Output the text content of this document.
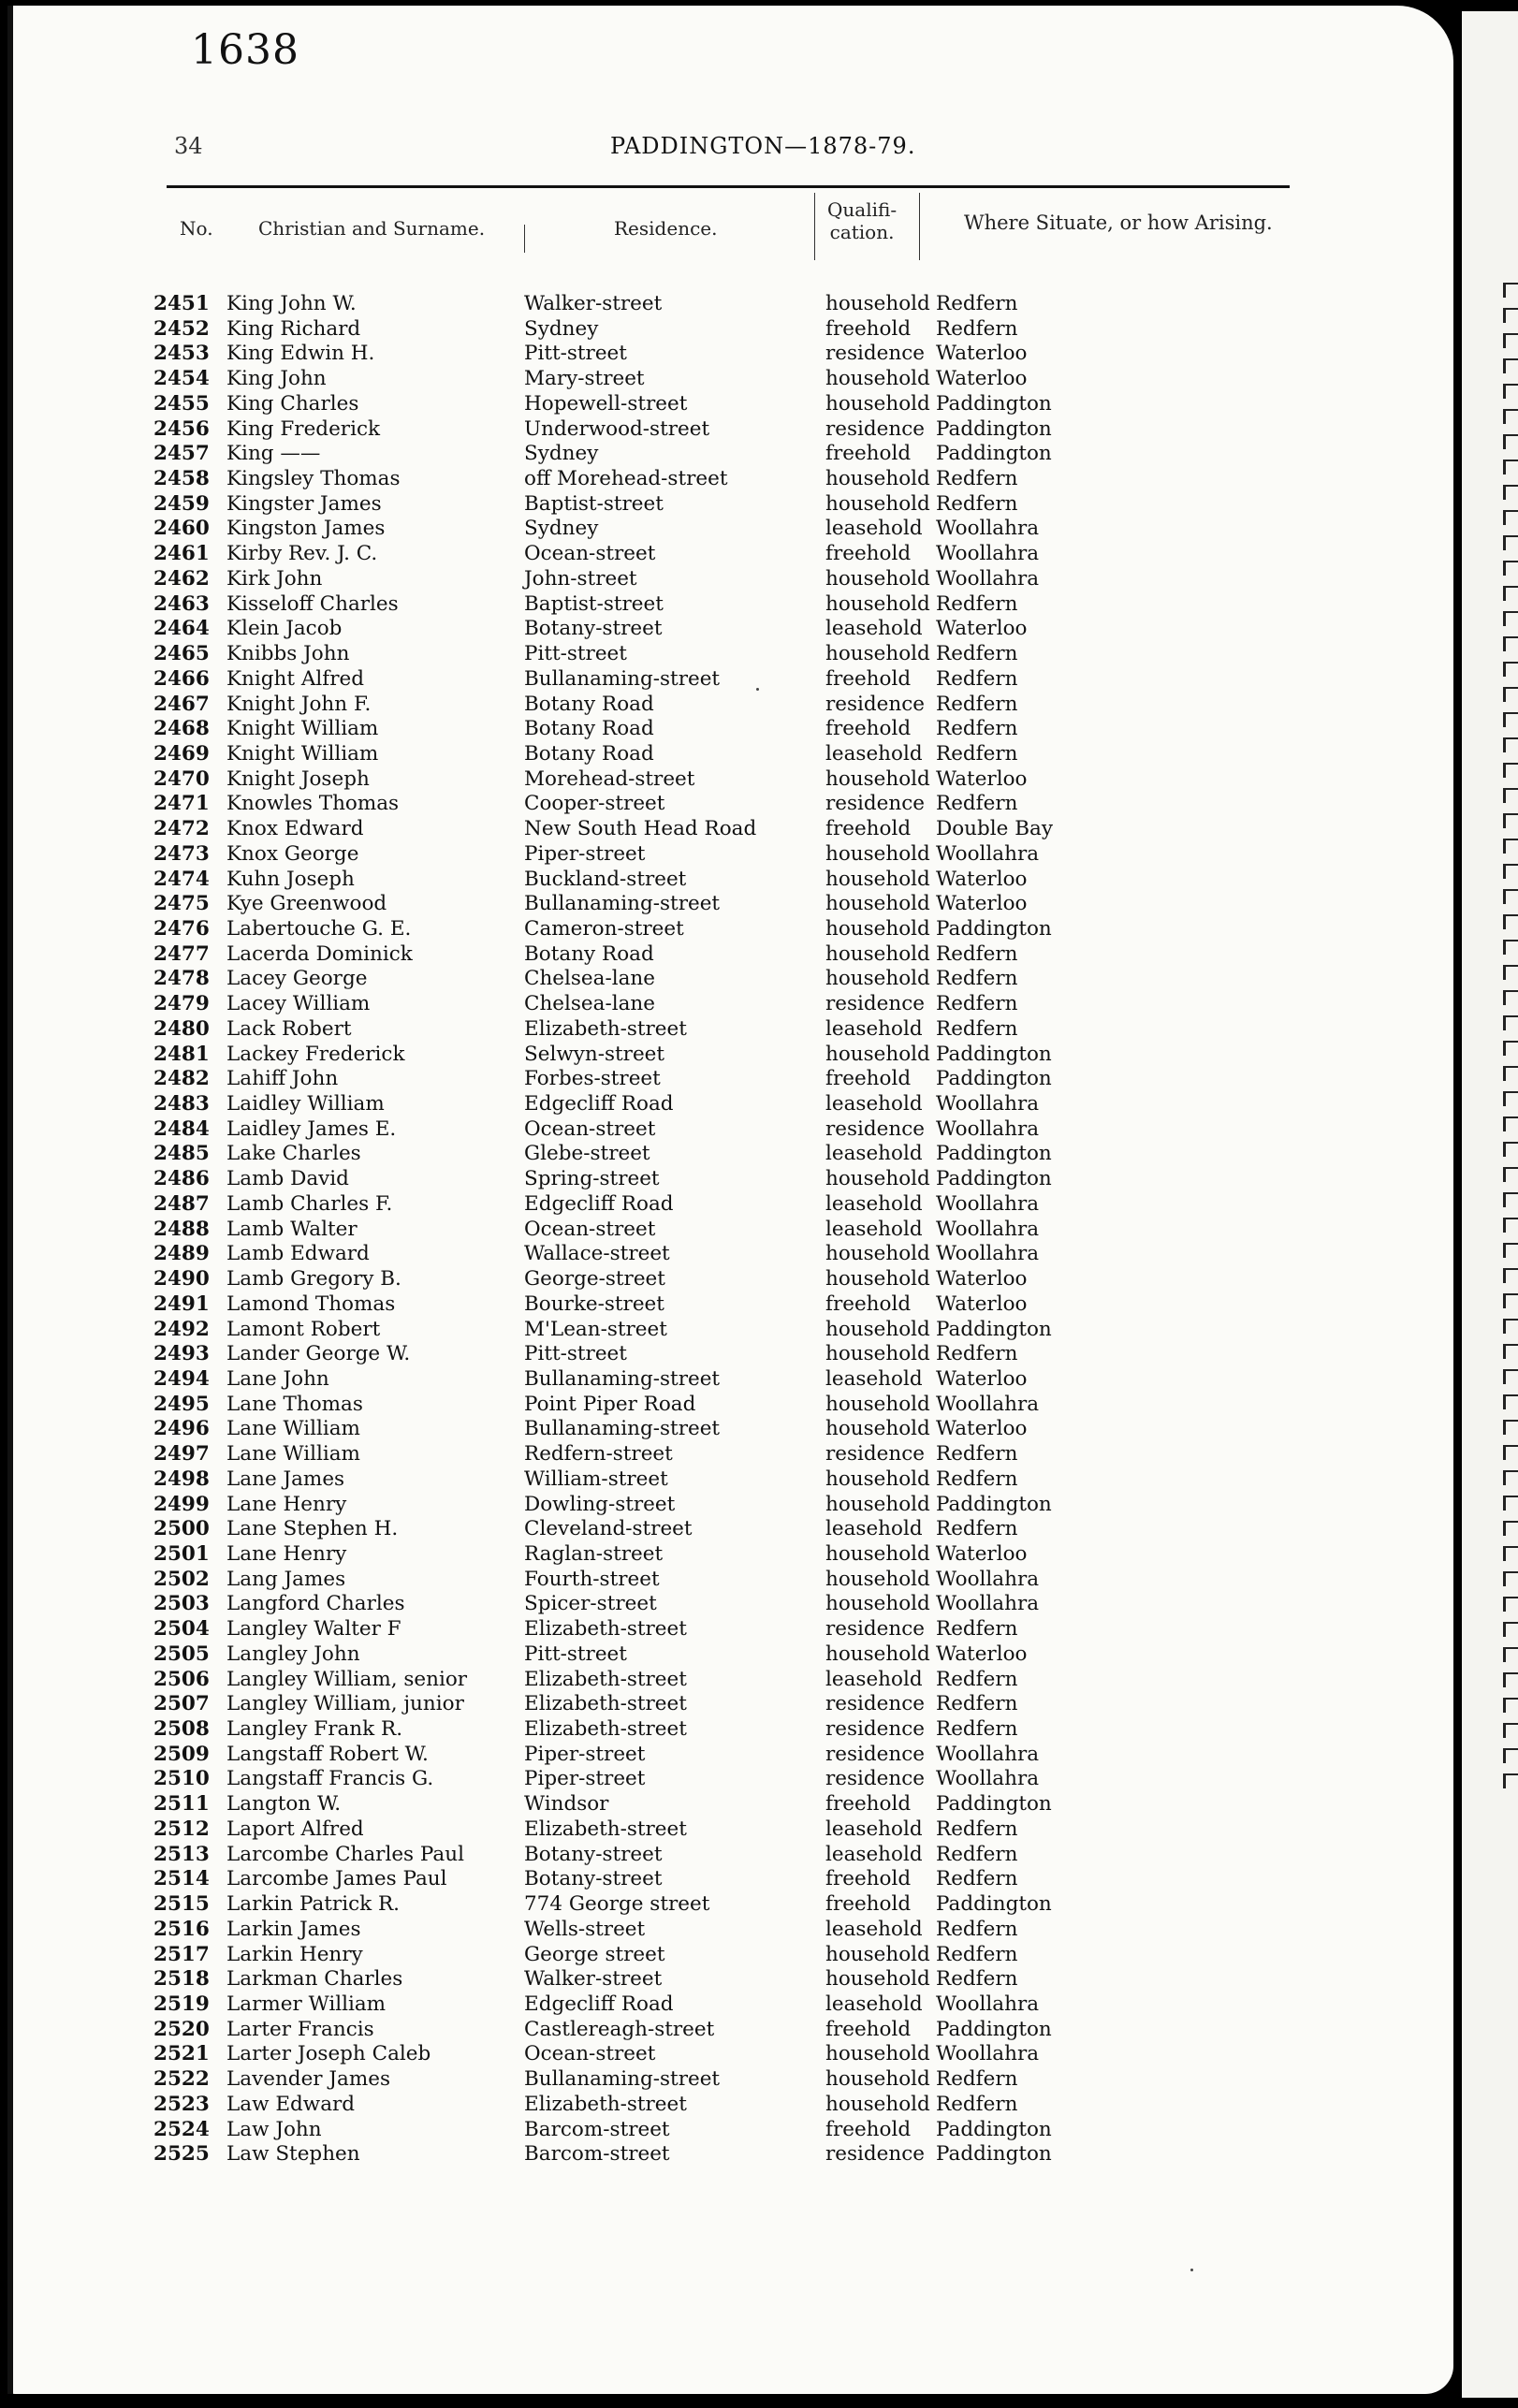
1638
34	PADDINGTON—1878-79.
No. Christian and Surname.	Residence.
Qualifi-
cation.	Where Situate, or how Arising.
2451 King John W.	Walker-street	household Redfern
2452 King Richard	Sydney	freehold Redfern
2453 King Edwin H.	Pitt-street	residence Waterloo
2454 King John	Mary-street	household Waterloo
2455 King Charles	Hopewell-street	household Paddington
2456 King Frederick	Underwood-street	residence Paddington
2457 King ——	Sydney	freehold Paddington
2458 Kingsley Thomas	off Morehead-street	household Redfern
2459 Kingster James	Baptist-street	household Redfern
2460 Kingston James	Sydney	leasehold Woollahra
2461 Kirby Rev. J. C.	Ocean-street	freehold Woollahra
2462 Kirk John	John-street	household Woollahra
2463 Kisseloff Charles	Baptist-street	household Redfern
2464 Klein Jacob	Botany-street	leasehold Waterloo
2465 Knibbs John	Pitt-street	household Redfern
2466 Knight Alfred	Bullanaming-street	freehold Redfern
2467 Knight John F.	Botany Road	residence Redfern
2468 Knight William	Botany Road	freehold Redfern
2469 Knight William	Botany Road	leasehold Redfern
2470 Knight Joseph	Morehead-street	household Waterloo
2471 Knowles Thomas	Cooper-street	residence Redfern
2472 Knox Edward	New South Head Road	freehold Double Bay
2473 Knox George	Piper-street	household Woollahra
2474 Kuhn Joseph	Buckland-street	household Waterloo
2475 Kye Greenwood	Bullanaming-street	household Waterloo
2476 Labertouche G. E.	Cameron-street	household Paddington
2477 Lacerda Dominick	Botany Road	household Redfern
2478 Lacey George	Chelsea-lane	household Redfern
2479 Lacey William	Chelsea-lane	residence Redfern
2480 Lack Robert	Elizabeth-street	leasehold Redfern
2481 Lackey Frederick	Selwyn-street	household Paddington
2482 Lahiff John	Forbes-street	freehold Paddington
2483 Laidley William	Edgecliff Road	leasehold Woollahra
2484 Laidley James E.	Ocean-street	residence Woollahra
2485 Lake Charles	Glebe-street	leasehold Paddington
2486 Lamb David	Spring-street	household Paddington
2487 Lamb Charles F.	Edgecliff Road	leasehold Woollahra
2488 Lamb Walter	Ocean-street	leasehold Woollahra
2489 Lamb Edward	Wallace-street	household Woollahra
2490 Lamb Gregory B.	George-street	household Waterloo
2491 Lamond Thomas	Bourke-street	freehold Waterloo
2492 Lamont Robert	M'Lean-street	household Paddington
2493 Lander George W.	Pitt-street	household Redfern
2494 Lane John	Bullanaming-street	leasehold Waterloo
2495 Lane Thomas	Point Piper Road	household Woollahra
2496 Lane William	Bullanaming-street	household Waterloo
2497 Lane William	Redfern-street	residence Redfern
2498 Lane James	William-street	household Redfern
2499 Lane Henry	Dowling-street	household Paddington
2500 Lane Stephen H.	Cleveland-street	leasehold Redfern
2501 Lane Henry	Raglan-street	household Waterloo
2502 Lang James	Fourth-street	household Woollahra
2503 Langford Charles	Spicer-street	household Woollahra
2504 Langley Walter F	Elizabeth-street	residence Redfern
2505 Langley John	Pitt-street	household Waterloo
2506 Langley William, senior	Elizabeth-street	leasehold Redfern
2507 Langley William, junior	Elizabeth-street	residence Redfern
2508 Langley Frank R.	Elizabeth-street	residence Redfern
2509 Langstaff Robert W.	Piper-street	residence Woollahra
2510 Langstaff Francis G.	Piper-street	residence Woollahra
2511 Langton W.	Windsor	freehold Paddington
2512 Laport Alfred	Elizabeth-street	leasehold Redfern
2513 Larcombe Charles Paul	Botany-street	leasehold Redfern
2514 Larcombe James Paul	Botany-street	freehold Redfern
2515 Larkin Patrick R.	774 George street	freehold Paddington
2516 Larkin James	Wells-street	leasehold Redfern
2517 Larkin Henry	George street	household Redfern
2518 Larkman Charles	Walker-street	household Redfern
2519 Larmer William	Edgecliff Road	leasehold Woollahra
2520 Larter Francis	Castlereagh-street	freehold Paddington
2521 Larter Joseph Caleb	Ocean-street	household Woollahra
2522 Lavender James	Bullanaming-street	household Redfern
2523 Law Edward	Elizabeth-street	household Redfern
2524 Law John	Barcom-street	freehold Paddington
2525 Law Stephen	Barcom-street	residence Paddington
